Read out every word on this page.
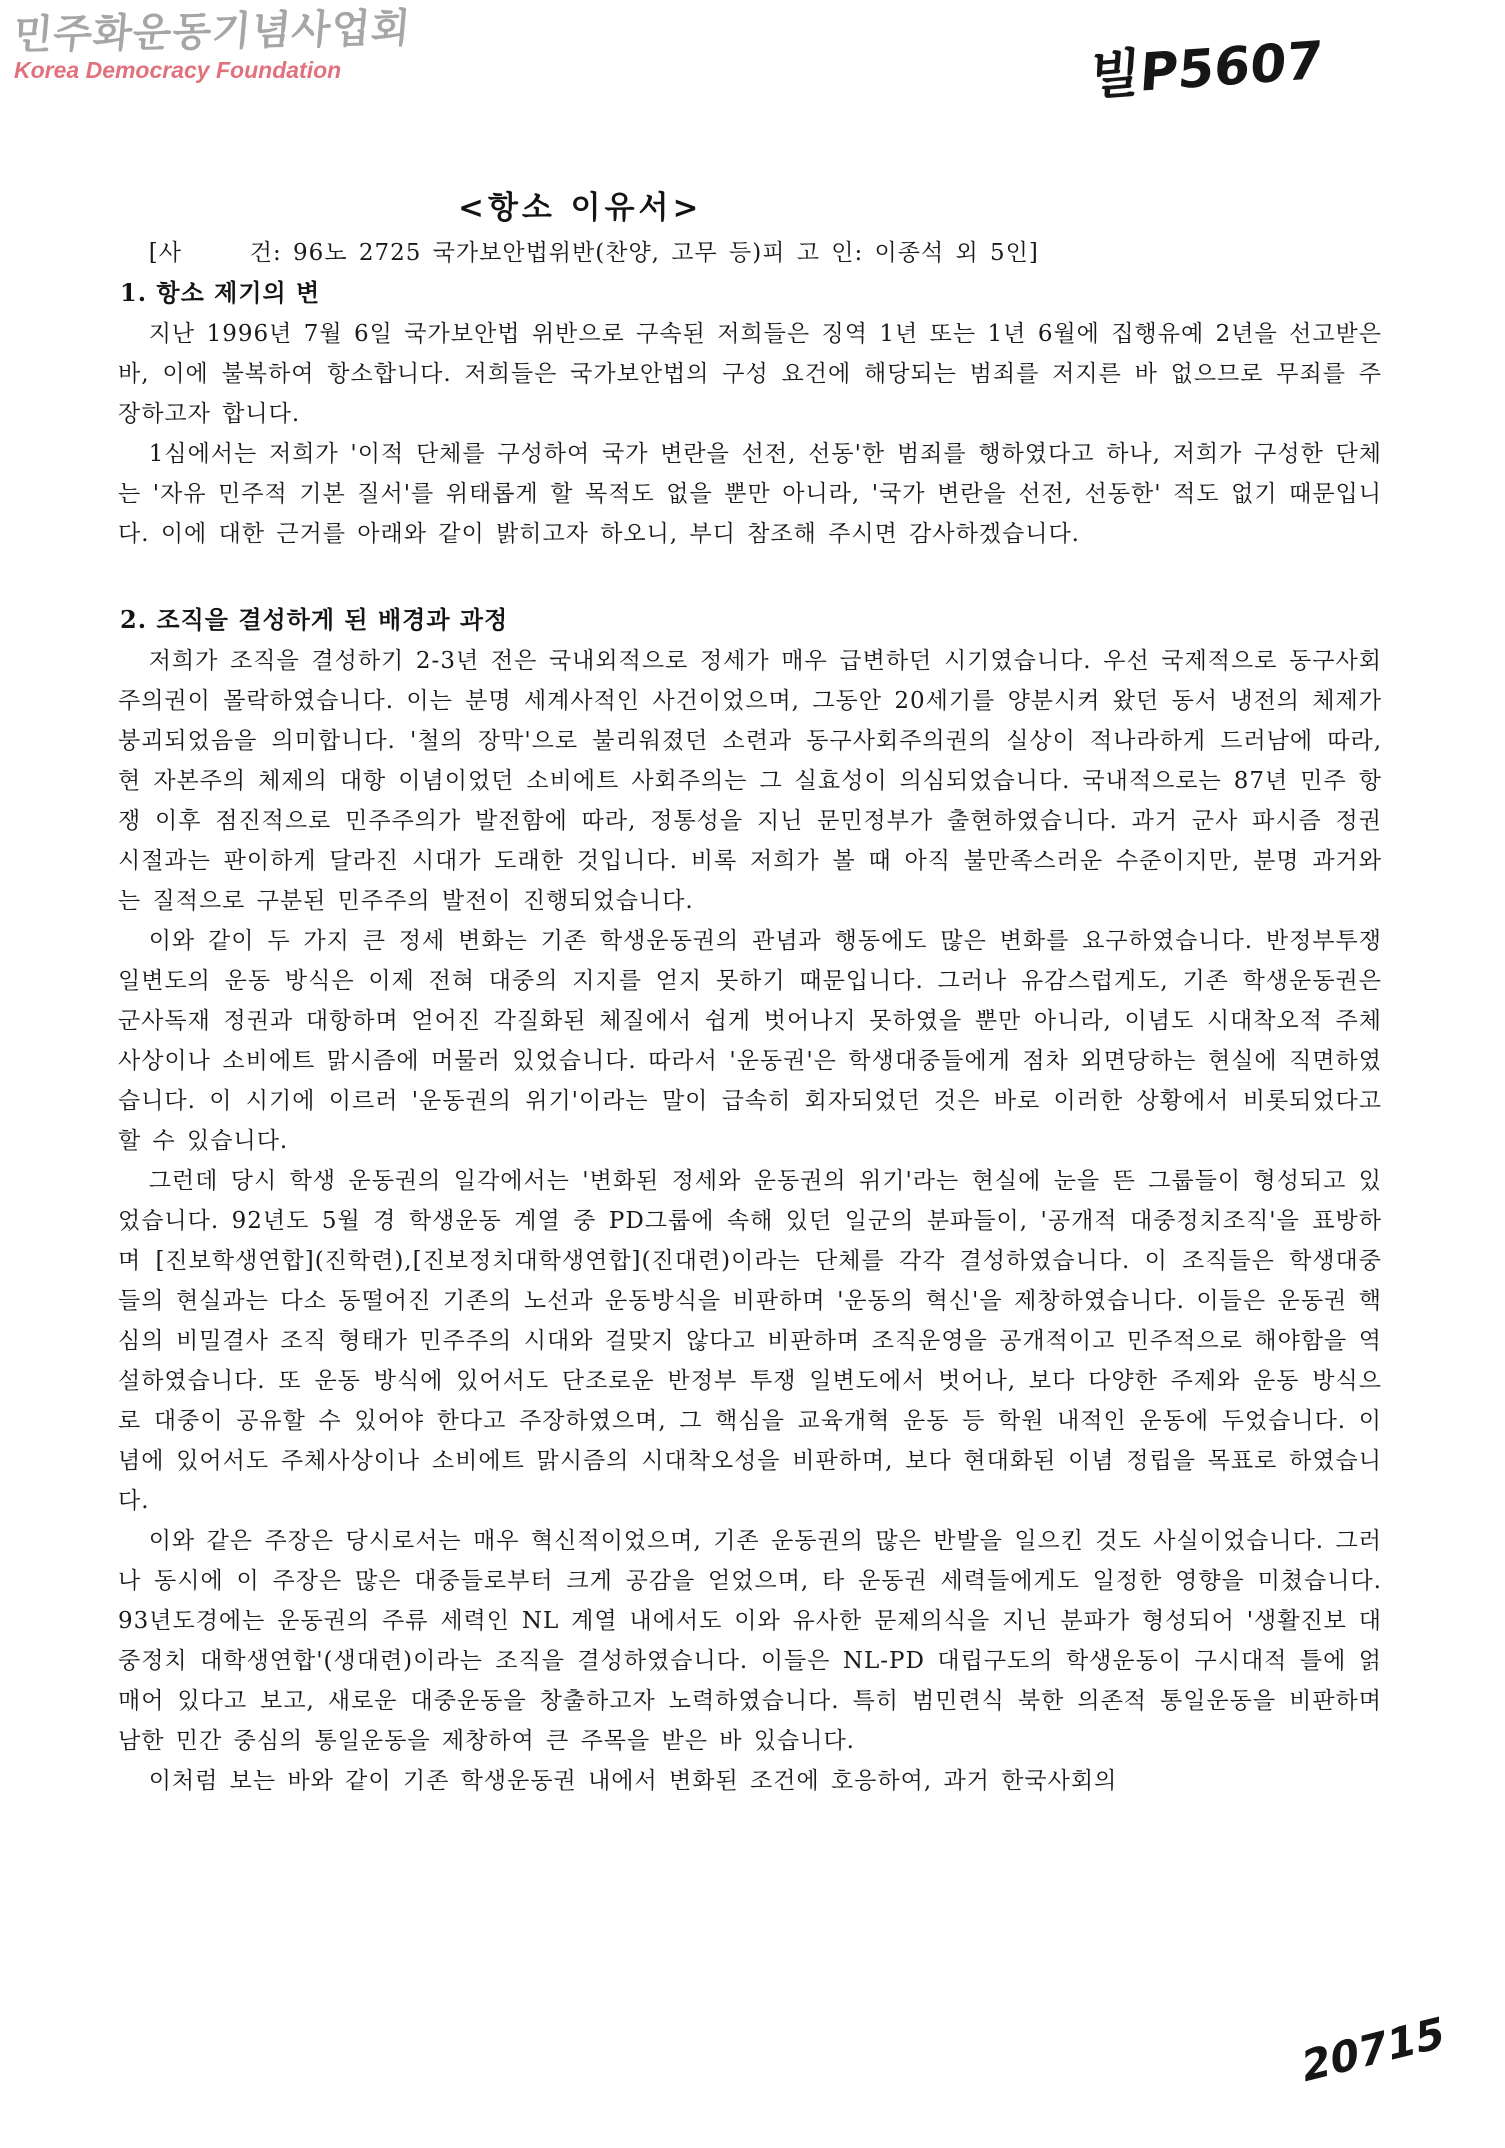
민주화운동기념사업회
Korea Democracy Foundation	빌P5607
<항소 이유서>

[사      건: 96노 2725 국가보안법위반(찬양, 고무 등)피 고 인: 이종석 외 5인]

1. 항소 제기의 변

지난 1996년 7월 6일 국가보안법 위반으로 구속된 저희들은 징역 1년 또는 1년 6월에 집행유예 2년을 선고받은 바, 이에 불복하여 항소합니다. 저희들은 국가보안법의 구성 요건에 해당되는 범죄를 저지른 바 없으므로 무죄를 주장하고자 합니다.

1심에서는 저희가 '이적 단체를 구성하여 국가 변란을 선전, 선동'한 범죄를 행하였다고 하나, 저희가 구성한 단체는 '자유 민주적 기본 질서'를 위태롭게 할 목적도 없을 뿐만 아니라, '국가 변란을 선전, 선동한' 적도 없기 때문입니다. 이에 대한 근거를 아래와 같이 밝히고자 하오니, 부디 참조해 주시면 감사하겠습니다.

2. 조직을 결성하게 된 배경과 과정

저희가 조직을 결성하기 2-3년 전은 국내외적으로 정세가 매우 급변하던 시기였습니다. 우선 국제적으로 동구사회주의권이 몰락하였습니다. 이는 분명 세계사적인 사건이었으며, 그동안 20세기를 양분시켜 왔던 동서 냉전의 체제가 붕괴되었음을 의미합니다. '철의 장막'으로 불리워졌던 소련과 동구사회주의권의 실상이 적나라하게 드러남에 따라, 현 자본주의 체제의 대항 이념이었던 소비에트 사회주의는 그 실효성이 의심되었습니다. 국내적으로는 87년 민주 항쟁 이후 점진적으로 민주주의가 발전함에 따라, 정통성을 지닌 문민정부가 출현하였습니다. 과거 군사 파시즘 정권 시절과는 판이하게 달라진 시대가 도래한 것입니다. 비록 저희가 볼 때 아직 불만족스러운 수준이지만, 분명 과거와는 질적으로 구분된 민주주의 발전이 진행되었습니다.

이와 같이 두 가지 큰 정세 변화는 기존 학생운동권의 관념과 행동에도 많은 변화를 요구하였습니다. 반정부투쟁 일변도의 운동 방식은 이제 전혀 대중의 지지를 얻지 못하기 때문입니다. 그러나 유감스럽게도, 기존 학생운동권은 군사독재 정권과 대항하며 얻어진 각질화된 체질에서 쉽게 벗어나지 못하였을 뿐만 아니라, 이념도 시대착오적 주체사상이나 소비에트 맑시즘에 머물러 있었습니다. 따라서 '운동권'은 학생대중들에게 점차 외면당하는 현실에 직면하였습니다. 이 시기에 이르러 '운동권의 위기'이라는 말이 급속히 회자되었던 것은 바로 이러한 상황에서 비롯되었다고 할 수 있습니다.

그런데 당시 학생 운동권의 일각에서는 '변화된 정세와 운동권의 위기'라는 현실에 눈을 뜬 그룹들이 형성되고 있었습니다. 92년도 5월 경 학생운동 계열 중 PD그룹에 속해 있던 일군의 분파들이, '공개적 대중정치조직'을 표방하며 [진보학생연합](진학련),[진보정치대학생연합](진대련)이라는 단체를 각각 결성하였습니다. 이 조직들은 학생대중들의 현실과는 다소 동떨어진 기존의 노선과 운동방식을 비판하며 '운동의 혁신'을 제창하였습니다. 이들은 운동권 핵심의 비밀결사 조직 형태가 민주주의 시대와 걸맞지 않다고 비판하며 조직운영을 공개적이고 민주적으로 해야함을 역설하였습니다. 또 운동 방식에 있어서도 단조로운 반정부 투쟁 일변도에서 벗어나, 보다 다양한 주제와 운동 방식으로 대중이 공유할 수 있어야 한다고 주장하였으며, 그 핵심을 교육개혁 운동 등 학원 내적인 운동에 두었습니다. 이념에 있어서도 주체사상이나 소비에트 맑시즘의 시대착오성을 비판하며, 보다 현대화된 이념 정립을 목표로 하였습니다.

이와 같은 주장은 당시로서는 매우 혁신적이었으며, 기존 운동권의 많은 반발을 일으킨 것도 사실이었습니다. 그러나 동시에 이 주장은 많은 대중들로부터 크게 공감을 얻었으며, 타 운동권 세력들에게도 일정한 영향을 미쳤습니다. 93년도경에는 운동권의 주류 세력인 NL 계열 내에서도 이와 유사한 문제의식을 지닌 분파가 형성되어 '생활진보 대중정치 대학생연합'(생대련)이라는 조직을 결성하였습니다. 이들은 NL-PD 대립구도의 학생운동이 구시대적 틀에 얽매어 있다고 보고, 새로운 대중운동을 창출하고자 노력하였습니다. 특히 범민련식 북한 의존적 통일운동을 비판하며 남한 민간 중심의 통일운동을 제창하여 큰 주목을 받은 바 있습니다.

이처럼 보는 바와 같이 기존 학생운동권 내에서 변화된 조건에 호응하여, 과거 한국사회의

20715
